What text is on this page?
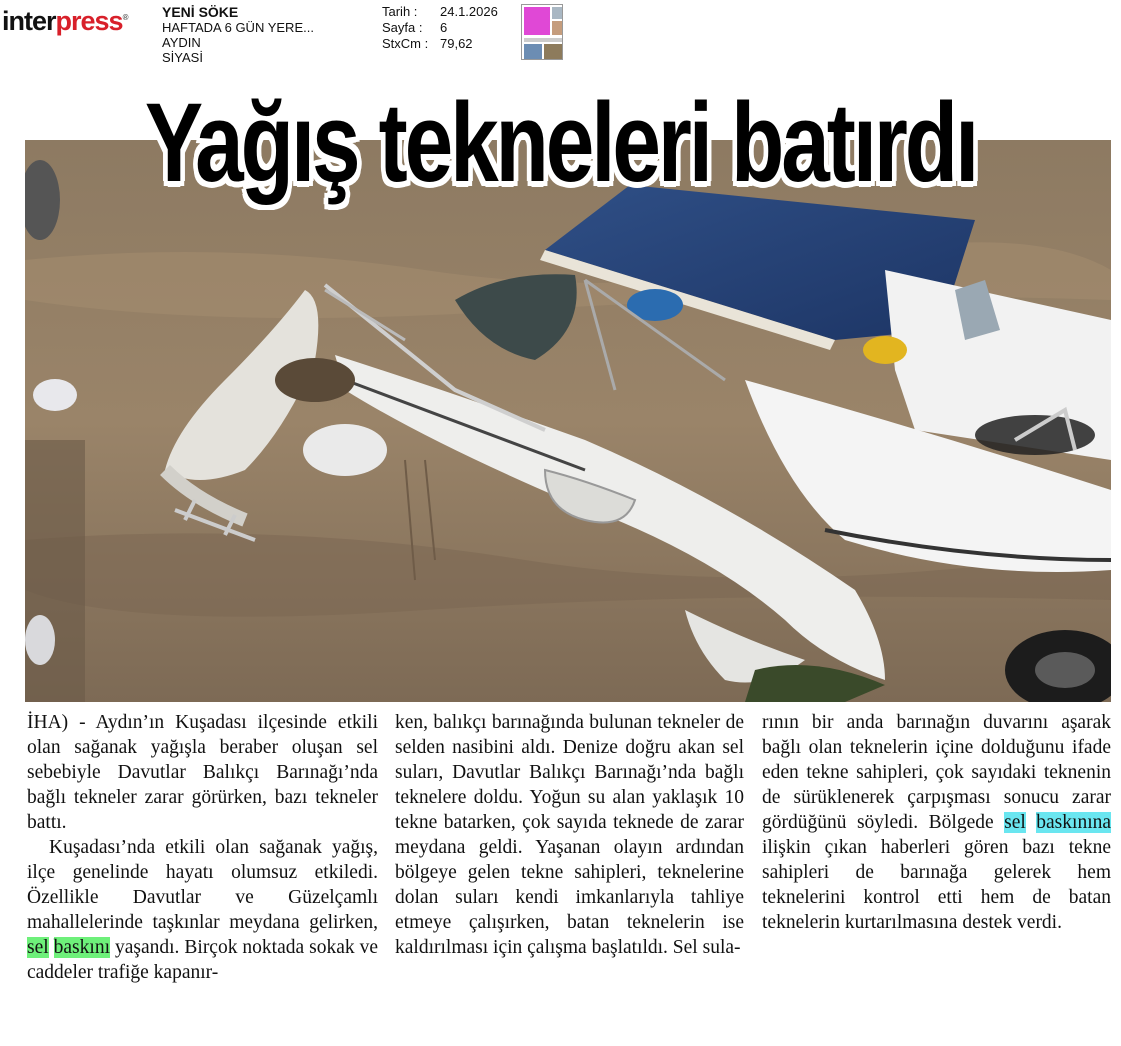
interpress® YENİ SÖKE
HAFTADA 6 GÜN YERE...
AYDIN
SİYASİ
Tarih :	24.1.2026
Sayfa :	6
StxCm : 79,62
Yağış tekneleri batırdı

İHA) - Aydın’ın Kuşadası ilçesinde etkili olan sağanak yağışla beraber oluşan sel sebebiyle Davutlar Balıkçı Barınağı’nda bağlı tekneler zarar görürken, bazı tekneler battı.

Kuşadası’nda etkili olan sağanak yağış, ilçe genelinde hayatı olumsuz etkiledi. Özellikle Davutlar ve Güzelçamlı mahallelerinde taşkınlar meydana gelirken, sel baskını yaşandı. Birçok noktada sokak ve caddeler trafiğe kapanır-

ken, balıkçı barınağında bulunan tekneler de selden nasibini aldı. Denize doğru akan sel suları, Davutlar Balıkçı Barınağı’nda bağlı teknelere doldu. Yoğun su alan yaklaşık 10 tekne batarken, çok sayıda teknede de zarar meydana geldi. Yaşanan olayın ardından bölgeye gelen tekne sahipleri, teknelerine dolan suları kendi imkanlarıyla tahliye etmeye çalışırken, batan teknelerin ise kaldırılması için çalışma başlatıldı. Sel sula-

rının bir anda barınağın duvarını aşarak bağlı olan teknelerin içine dolduğunu ifade eden tekne sahipleri, çok sayıdaki teknenin de sürüklenerek çarpışması sonucu zarar gördüğünü söyledi. Bölgede sel baskınına ilişkin çıkan haberleri gören bazı tekne sahipleri de barınağa gelerek hem teknelerini kontrol etti hem de batan teknelerin kurtarılmasına destek verdi.
